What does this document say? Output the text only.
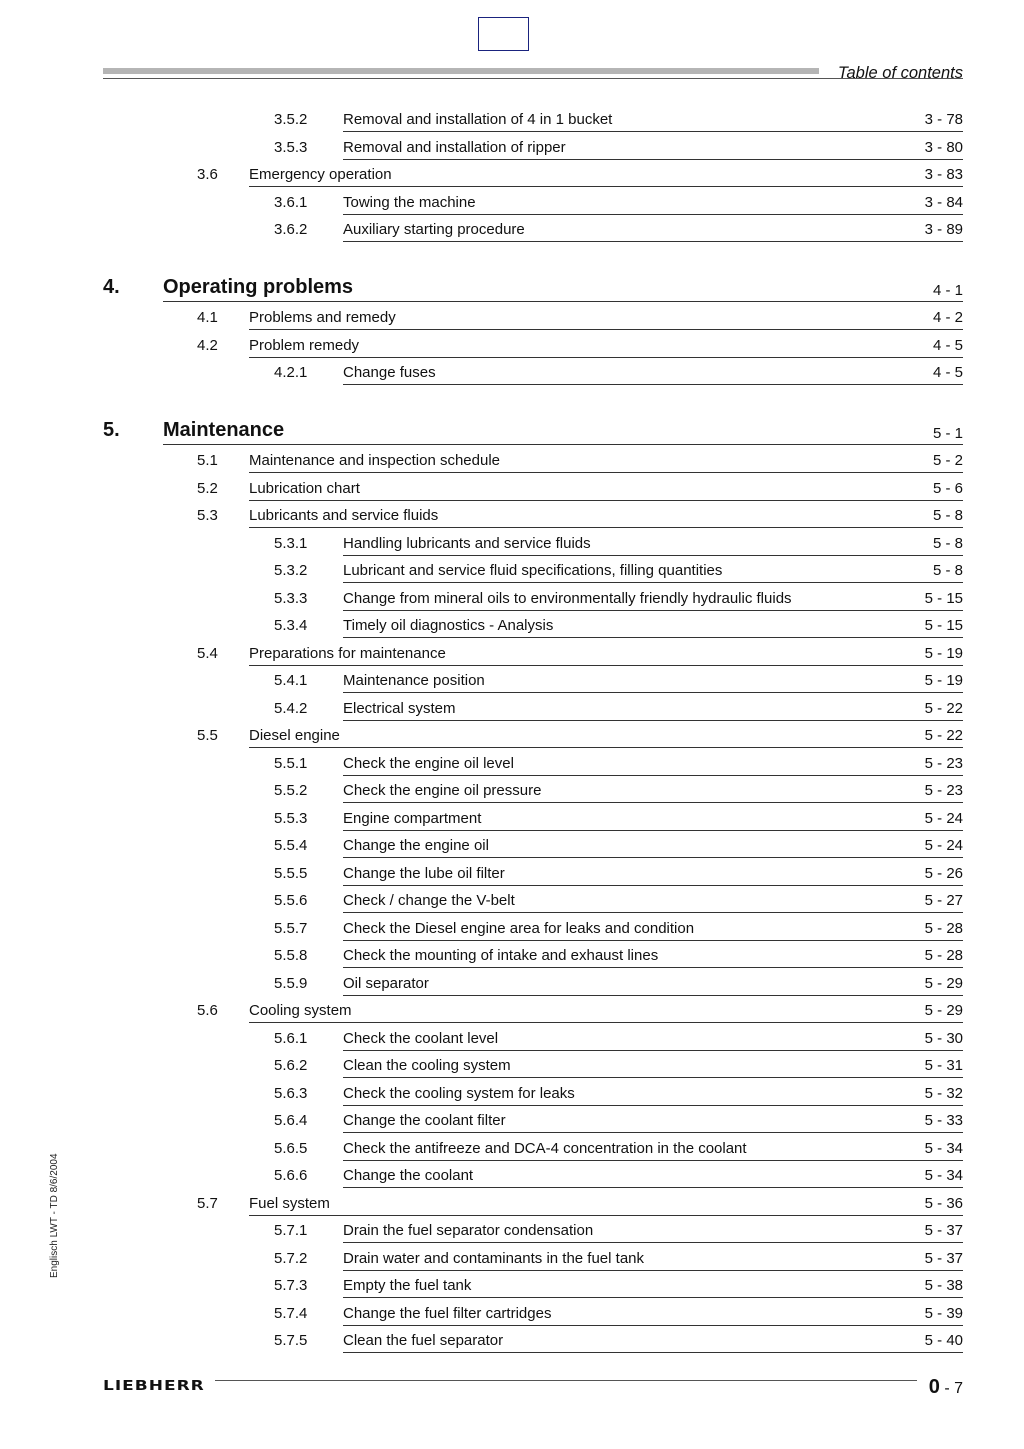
Table of contents
3.5.2 Removal and installation of 4 in 1 bucket	3 - 78
3.5.3 Removal and installation of ripper	3 - 80
3.6 Emergency operation	3 - 83
3.6.1 Towing the machine	3 - 84
3.6.2 Auxiliary starting procedure	3 - 89
4. Operating problems	4 - 1
4.1 Problems and remedy	4 - 2
4.2 Problem remedy	4 - 5
4.2.1 Change fuses	4 - 5
5. Maintenance	5 - 1
5.1 Maintenance and inspection schedule	5 - 2
5.2 Lubrication chart	5 - 6
5.3 Lubricants and service fluids	5 - 8
5.3.1 Handling lubricants and service fluids	5 - 8
5.3.2 Lubricant and service fluid specifications, filling quantities	5 - 8
5.3.3 Change from mineral oils to environmentally friendly hydraulic fluids	5 - 15
5.3.4 Timely oil diagnostics - Analysis	5 - 15
5.4 Preparations for maintenance	5 - 19
5.4.1 Maintenance position	5 - 19
5.4.2 Electrical system	5 - 22
5.5 Diesel engine	5 - 22
5.5.1 Check the engine oil level	5 - 23
5.5.2 Check the engine oil pressure	5 - 23
5.5.3 Engine compartment	5 - 24
5.5.4 Change the engine oil	5 - 24
5.5.5 Change the lube oil filter	5 - 26
5.5.6 Check / change the V-belt	5 - 27
5.5.7 Check the Diesel engine area for leaks and condition	5 - 28
5.5.8 Check the mounting of intake and exhaust lines	5 - 28
5.5.9 Oil separator	5 - 29
5.6 Cooling system	5 - 29
5.6.1 Check the coolant level	5 - 30
5.6.2 Clean the cooling system	5 - 31
5.6.3 Check the cooling system for leaks	5 - 32
5.6.4 Change the coolant filter	5 - 33
5.6.5 Check the antifreeze and DCA-4 concentration in the coolant	5 - 34
5.6.6 Change the coolant	5 - 34
5.7 Fuel system	5 - 36
5.7.1 Drain the fuel separator condensation	5 - 37
5.7.2 Drain water and contaminants in the fuel tank	5 - 37
5.7.3 Empty the fuel tank	5 - 38
5.7.4 Change the fuel filter cartridges	5 - 39
5.7.5 Clean the fuel separator	5 - 40
Englisch LWT - TD 8/6/2004
LIEBHERR	0 - 7
